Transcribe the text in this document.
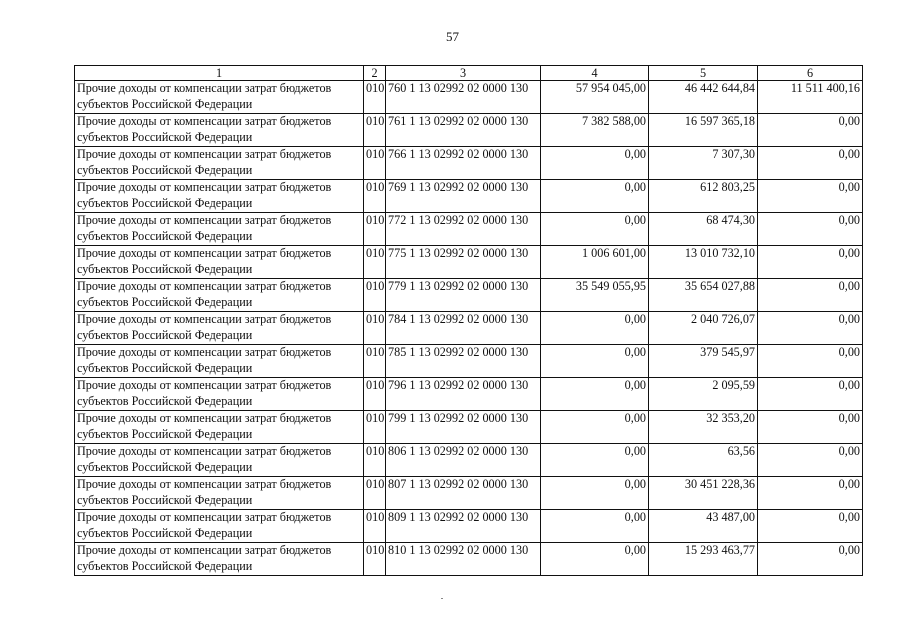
57
1	2	3	4	5	6
Прочие доходы от компенсации затрат бюджетов субъектов Российской Федерации	010	760 1 13 02992 02 0000 130	57 954 045,00	46 442 644,84	11 511 400,16
Прочие доходы от компенсации затрат бюджетов субъектов Российской Федерации	010	761 1 13 02992 02 0000 130	7 382 588,00	16 597 365,18	0,00
Прочие доходы от компенсации затрат бюджетов субъектов Российской Федерации	010	766 1 13 02992 02 0000 130	0,00	7 307,30	0,00
Прочие доходы от компенсации затрат бюджетов субъектов Российской Федерации	010	769 1 13 02992 02 0000 130	0,00	612 803,25	0,00
Прочие доходы от компенсации затрат бюджетов субъектов Российской Федерации	010	772 1 13 02992 02 0000 130	0,00	68 474,30	0,00
Прочие доходы от компенсации затрат бюджетов субъектов Российской Федерации	010	775 1 13 02992 02 0000 130	1 006 601,00	13 010 732,10	0,00
Прочие доходы от компенсации затрат бюджетов субъектов Российской Федерации	010	779 1 13 02992 02 0000 130	35 549 055,95	35 654 027,88	0,00
Прочие доходы от компенсации затрат бюджетов субъектов Российской Федерации	010	784 1 13 02992 02 0000 130	0,00	2 040 726,07	0,00
Прочие доходы от компенсации затрат бюджетов субъектов Российской Федерации	010	785 1 13 02992 02 0000 130	0,00	379 545,97	0,00
Прочие доходы от компенсации затрат бюджетов субъектов Российской Федерации	010	796 1 13 02992 02 0000 130	0,00	2 095,59	0,00
Прочие доходы от компенсации затрат бюджетов субъектов Российской Федерации	010	799 1 13 02992 02 0000 130	0,00	32 353,20	0,00
Прочие доходы от компенсации затрат бюджетов субъектов Российской Федерации	010	806 1 13 02992 02 0000 130	0,00	63,56	0,00
Прочие доходы от компенсации затрат бюджетов субъектов Российской Федерации	010	807 1 13 02992 02 0000 130	0,00	30 451 228,36	0,00
Прочие доходы от компенсации затрат бюджетов субъектов Российской Федерации	010	809 1 13 02992 02 0000 130	0,00	43 487,00	0,00
Прочие доходы от компенсации затрат бюджетов субъектов Российской Федерации	010	810 1 13 02992 02 0000 130	0,00	15 293 463,77	0,00
